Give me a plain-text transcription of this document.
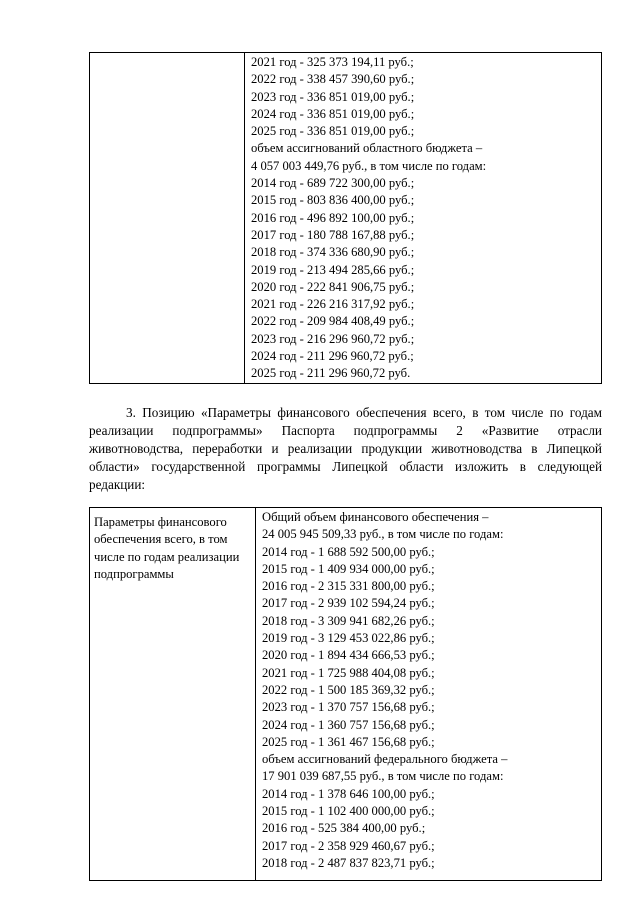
2021 год - 325 373 194,11 руб.;
2022 год - 338 457 390,60 руб.;
2023 год - 336 851 019,00 руб.;
2024 год - 336 851 019,00 руб.;
2025 год - 336 851 019,00 руб.;
объем ассигнований областного бюджета –
4 057 003 449,76 руб., в том числе по годам:
2014 год - 689 722 300,00 руб.;
2015 год - 803 836 400,00 руб.;
2016 год - 496 892 100,00 руб.;
2017 год - 180 788 167,88 руб.;
2018 год - 374 336 680,90 руб.;
2019 год - 213 494 285,66 руб.;
2020 год - 222 841 906,75 руб.;
2021 год - 226 216 317,92 руб.;
2022 год - 209 984 408,49 руб.;
2023 год - 216 296 960,72 руб.;
2024 год - 211 296 960,72 руб.;
2025 год - 211 296 960,72 руб.
3. Позицию «Параметры финансового обеспечения всего, в том числе по годам реализации подпрограммы» Паспорта подпрограммы 2 «Развитие отрасли животноводства, переработки и реализации продукции животноводства в Липецкой области» государственной программы Липецкой области изложить в следующей редакции:
Параметры финансового обеспечения всего, в том числе по годам реализации подпрограммы

Общий объем финансового обеспечения –
24 005 945 509,33 руб., в том числе по годам:
2014 год - 1 688 592 500,00 руб.;
2015 год - 1 409 934 000,00 руб.;
2016 год - 2 315 331 800,00 руб.;
2017 год - 2 939 102 594,24 руб.;
2018 год - 3 309 941 682,26 руб.;
2019 год - 3 129 453 022,86 руб.;
2020 год - 1 894 434 666,53 руб.;
2021 год - 1 725 988 404,08 руб.;
2022 год - 1 500 185 369,32 руб.;
2023 год - 1 370 757 156,68 руб.;
2024 год - 1 360 757 156,68 руб.;
2025 год - 1 361 467 156,68 руб.;
объем ассигнований федерального бюджета –
17 901 039 687,55 руб., в том числе по годам:
2014 год - 1 378 646 100,00 руб.;
2015 год - 1 102 400 000,00 руб.;
2016 год - 525 384 400,00 руб.;
2017 год - 2 358 929 460,67 руб.;
2018 год - 2 487 837 823,71 руб.;
